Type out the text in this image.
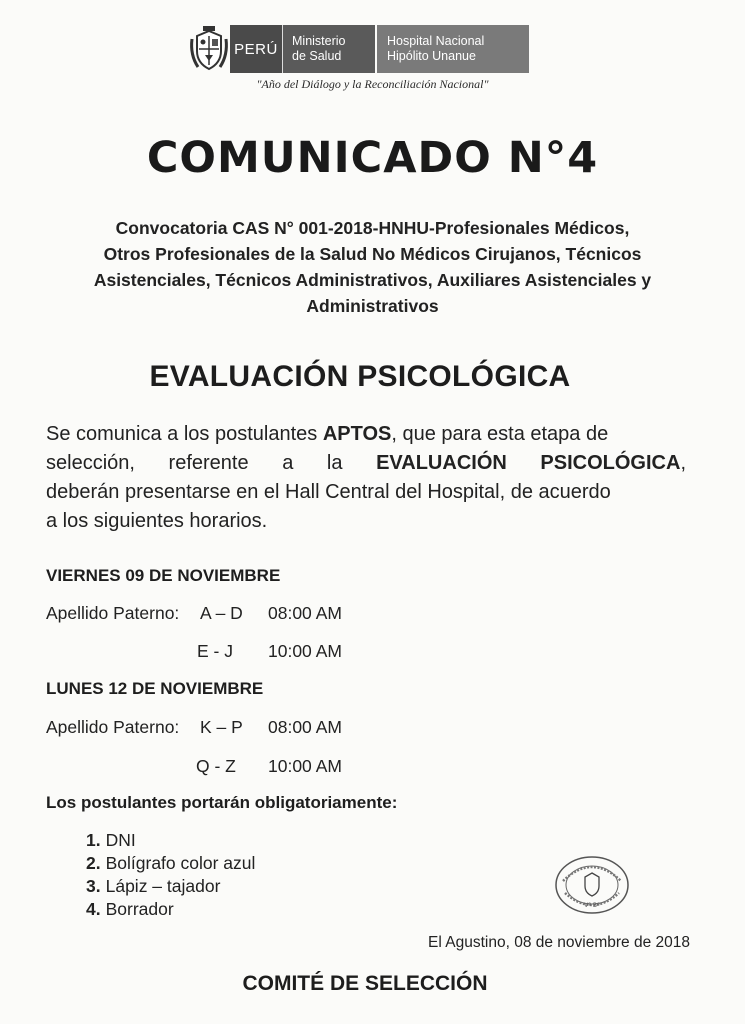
PERÚ	Ministerio
de Salud
Hospital Nacional
Hipólito Unanue
"Año del Diálogo y la Reconciliación Nacional"
COMUNICADO N°4
Convocatoria CAS N° 001-2018-HNHU-Profesionales Médicos,
Otros Profesionales de la Salud No Médicos Cirujanos, Técnicos
Asistenciales, Técnicos Administrativos, Auxiliares Asistenciales y
Administrativos
EVALUACIÓN PSICOLÓGICA
Se comunica a los postulantes APTOS, que para esta etapa de
selección, referente a la EVALUACIÓN PSICOLÓGICA,
deberán presentarse en el Hall Central del Hospital, de acuerdo
a los siguientes horarios.
VIERNES 09 DE NOVIEMBRE
Apellido Paterno: A – D 08:00 AM
E - J 10:00 AM
LUNES 12 DE NOVIEMBRE
Apellido Paterno: K – P 08:00 AM
Q - Z 10:00 AM
Los postulantes portarán obligatoriamente:
1. DNI
2. Bolígrafo color azul
3. Lápiz – tajador
4. Borrador	Vº Bº
El Agustino, 08 de noviembre de 2018
COMITÉ DE SELECCIÓN
